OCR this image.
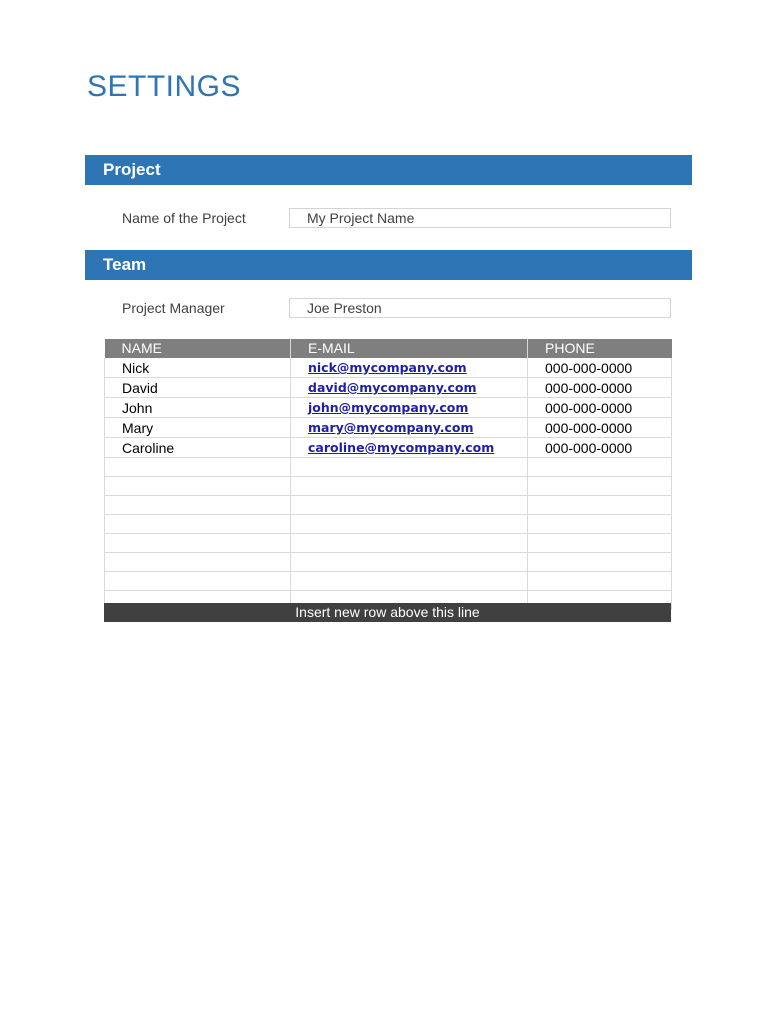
SETTINGS
Project
Name of the Project	My Project Name
Team
Project Manager	Joe Preston
NAME	E-MAIL	PHONE
Nick	nick@mycompany.com	000-000-0000
David	david@mycompany.com	000-000-0000
John	john@mycompany.com	000-000-0000
Mary	mary@mycompany.com	000-000-0000
Caroline	caroline@mycompany.com	000-000-0000

Insert new row above this line
